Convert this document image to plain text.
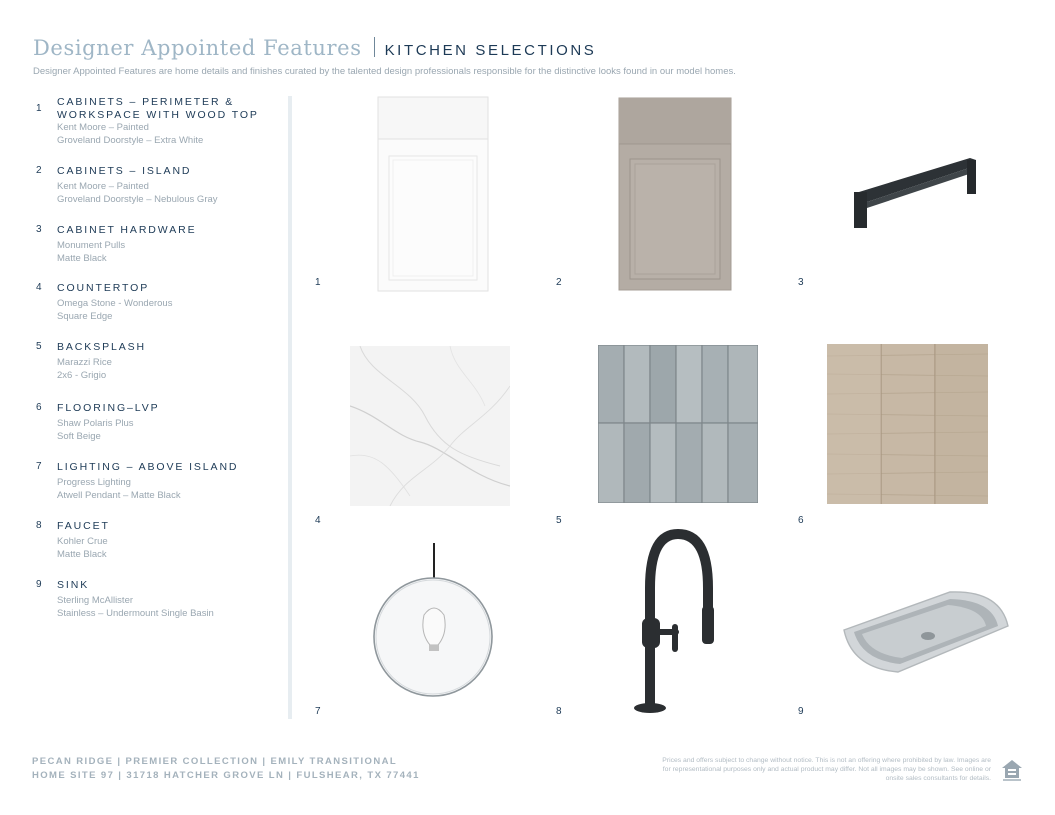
Designer Appointed Features KITCHEN SELECTIONS
Designer Appointed Features are home details and finishes curated by the talented design professionals responsible for the distinctive looks found in our model homes.
1
CABINETS – PERIMETER & WORKSPACE WITH WOOD TOP
Kent Moore – Painted
Groveland Doorstyle – Extra White
2 CABINETS – ISLAND
Kent Moore – Painted
Groveland Doorstyle – Nebulous Gray
3 CABINET HARDWARE
Monument Pulls
Matte Black
4 COUNTERTOP
Omega Stone - Wonderous
Square Edge
5 BACKSPLASH
Marazzi Rice
2x6 - Grigio
6 FLOORING–LVP
Shaw Polaris Plus
Soft Beige
7 LIGHTING – ABOVE ISLAND
Progress Lighting
Atwell Pendant – Matte Black
8 FAUCET
Kohler Crue
Matte Black
9 SINK
Sterling McAllister
Stainless – Undermount Single Basin
1	2	3
4	5	6
7	8	9
PECAN RIDGE | PREMIER COLLECTION | EMILY TRANSITIONAL
HOME SITE 97 | 31718 HATCHER GROVE LN | FULSHEAR, TX 77441
Prices and offers subject to change without notice. This is not an offering where prohibited by law. Images are for representational purposes only and actual product may differ. Not all images may be shown. See online or onsite sales consultants for details.
